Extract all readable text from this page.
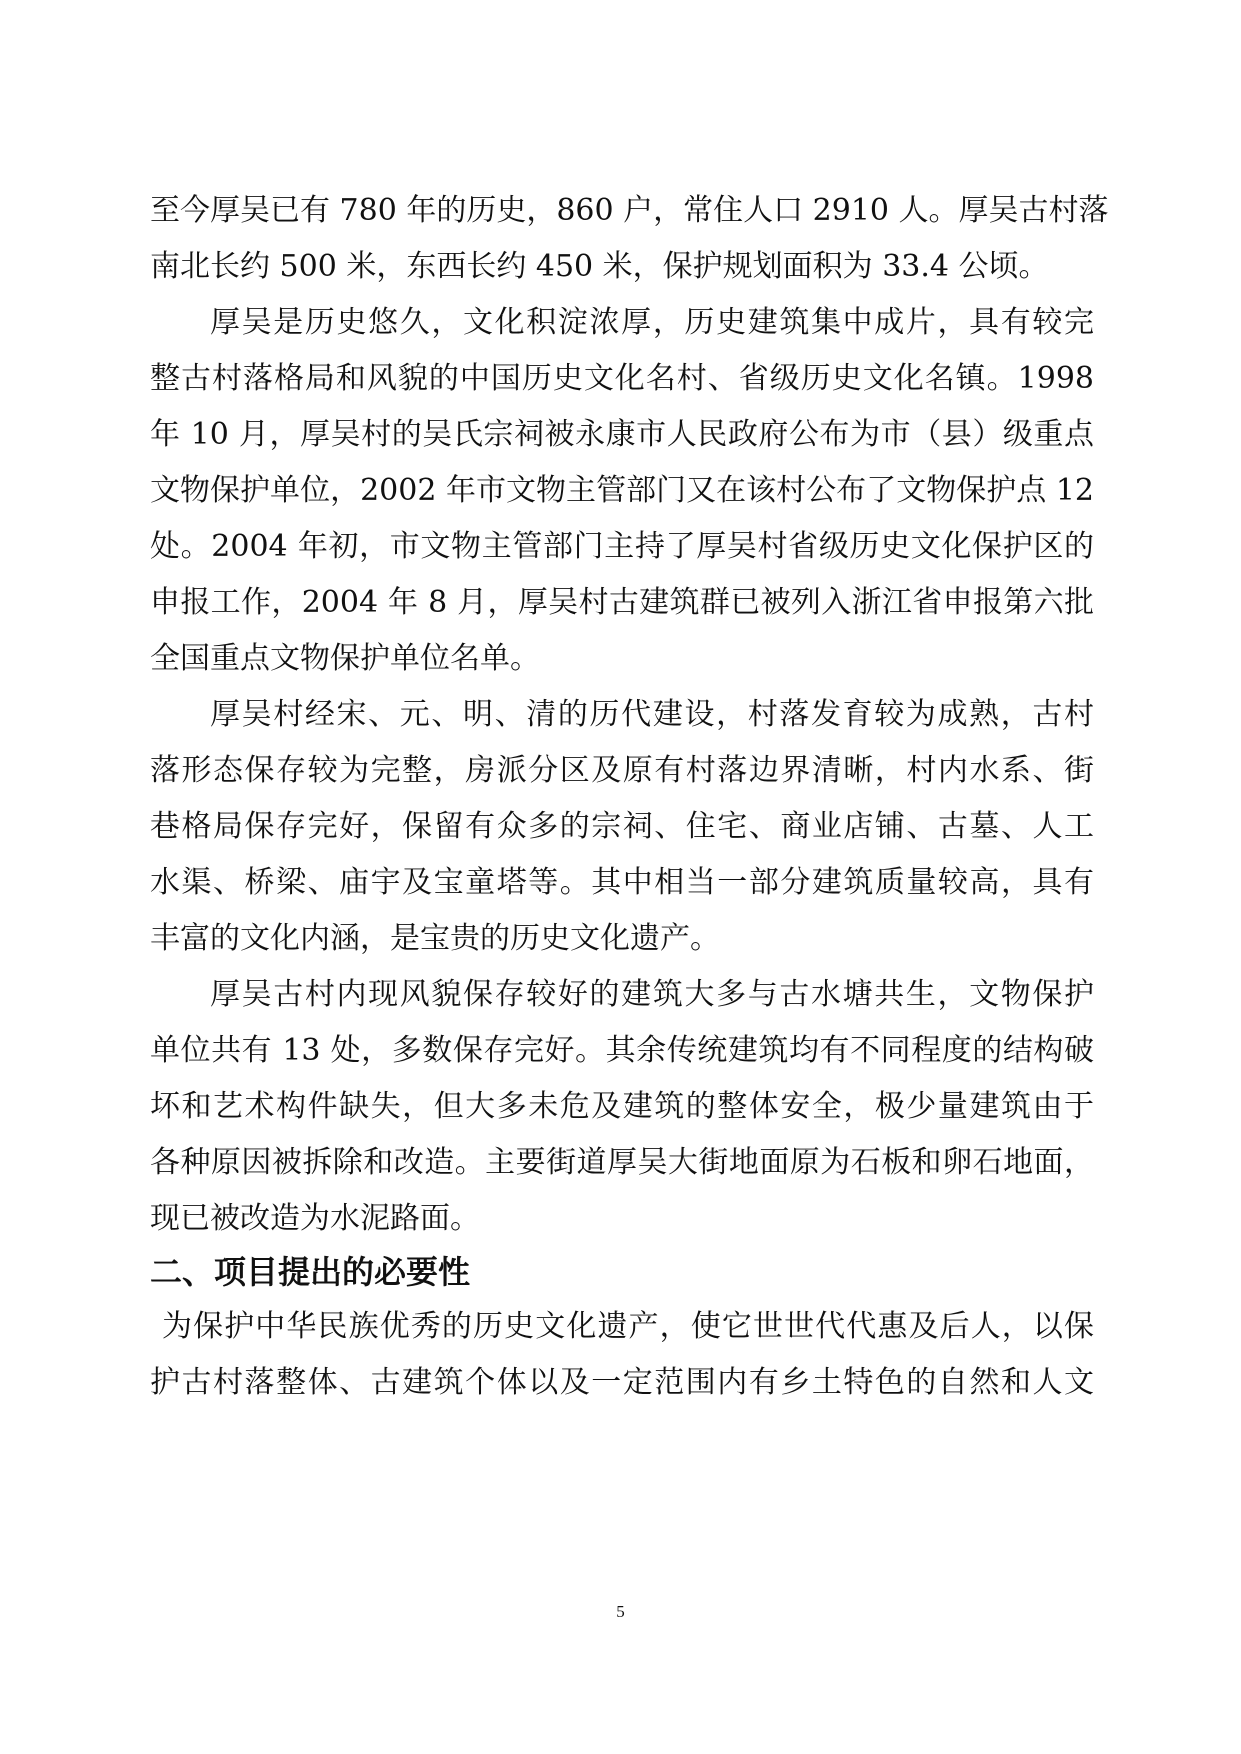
至今厚吴已有 780 年的历史，860 户，常住人口 2910 人。厚吴古村落
南北长约 500 米，东西长约 450 米，保护规划面积为 33.4 公顷。
厚吴是历史悠久，文化积淀浓厚，历史建筑集中成片，具有较完
整古村落格局和风貌的中国历史文化名村、省级历史文化名镇。1998
年 10 月，厚吴村的吴氏宗祠被永康市人民政府公布为市（县）级重点
文物保护单位，2002 年市文物主管部门又在该村公布了文物保护点 12
处。2004 年初，市文物主管部门主持了厚吴村省级历史文化保护区的
申报工作，2004 年 8 月，厚吴村古建筑群已被列入浙江省申报第六批
全国重点文物保护单位名单。
厚吴村经宋、元、明、清的历代建设，村落发育较为成熟，古村
落形态保存较为完整，房派分区及原有村落边界清晰，村内水系、街
巷格局保存完好，保留有众多的宗祠、住宅、商业店铺、古墓、人工
水渠、桥梁、庙宇及宝童塔等。其中相当一部分建筑质量较高，具有
丰富的文化内涵，是宝贵的历史文化遗产。
厚吴古村内现风貌保存较好的建筑大多与古水塘共生，文物保护
单位共有 13 处，多数保存完好。其余传统建筑均有不同程度的结构破
坏和艺术构件缺失，但大多未危及建筑的整体安全，极少量建筑由于
各种原因被拆除和改造。主要街道厚吴大街地面原为石板和卵石地面，
现已被改造为水泥路面。
二、项目提出的必要性
为保护中华民族优秀的历史文化遗产，使它世世代代惠及后人，以保
护古村落整体、古建筑个体以及一定范围内有乡土特色的自然和人文
5
